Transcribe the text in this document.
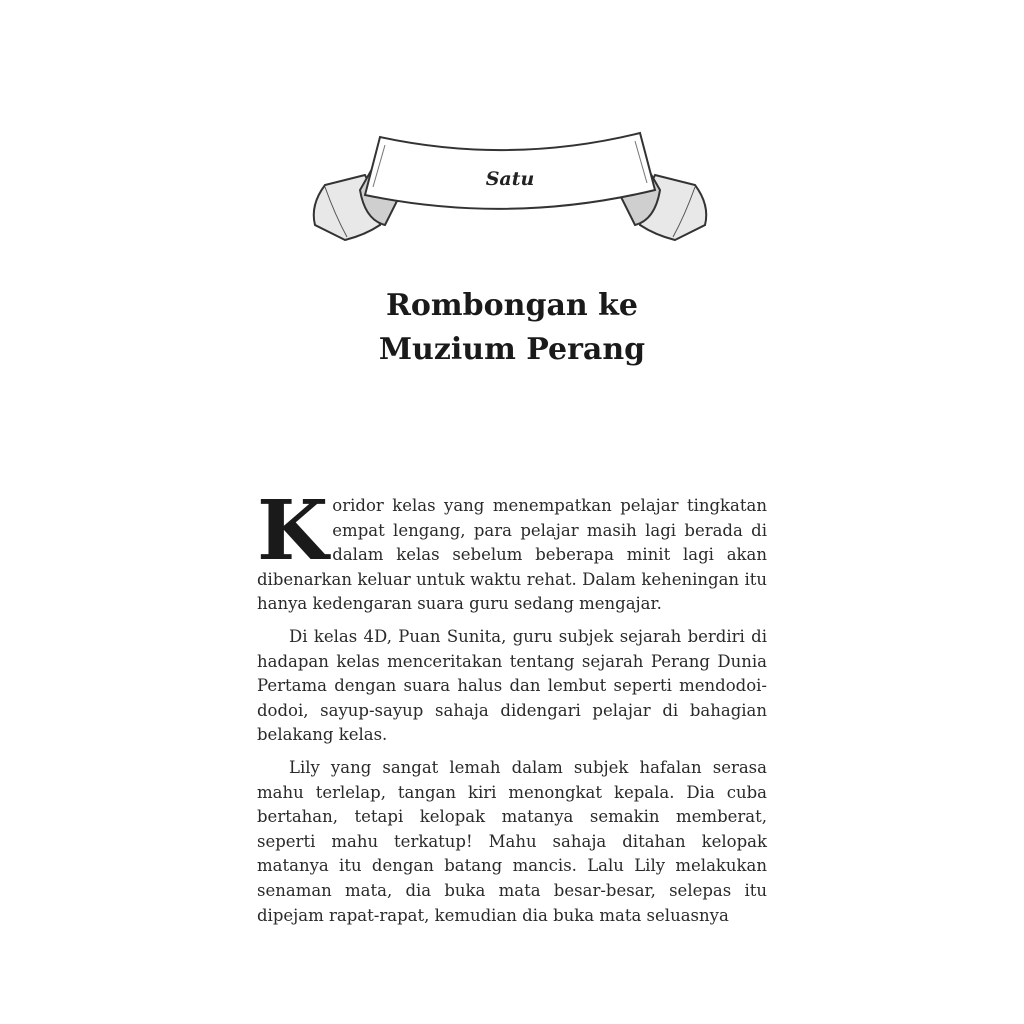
Satu
Rombongan ke
Muzium Perang

Koridor kelas yang menempatkan pelajar tingkatan empat lengang, para pelajar masih lagi berada di dalam kelas sebelum beberapa minit lagi akan dibenarkan keluar untuk waktu rehat. Dalam keheningan itu hanya kedengaran suara guru sedang mengajar.

Di kelas 4D, Puan Sunita, guru subjek sejarah berdiri di hadapan kelas menceritakan tentang sejarah Perang Dunia Pertama dengan suara halus dan lembut seperti mendodoi-dodoi, sayup-sayup sahaja didengari pelajar di bahagian belakang kelas.

Lily yang sangat lemah dalam subjek hafalan serasa mahu terlelap, tangan kiri menongkat kepala. Dia cuba bertahan, tetapi kelopak matanya semakin memberat, seperti mahu terkatup! Mahu sahaja ditahan kelopak matanya itu dengan batang mancis. Lalu Lily melakukan senaman mata, dia buka mata besar-besar, selepas itu dipejam rapat-rapat, kemudian dia buka mata seluasnya
